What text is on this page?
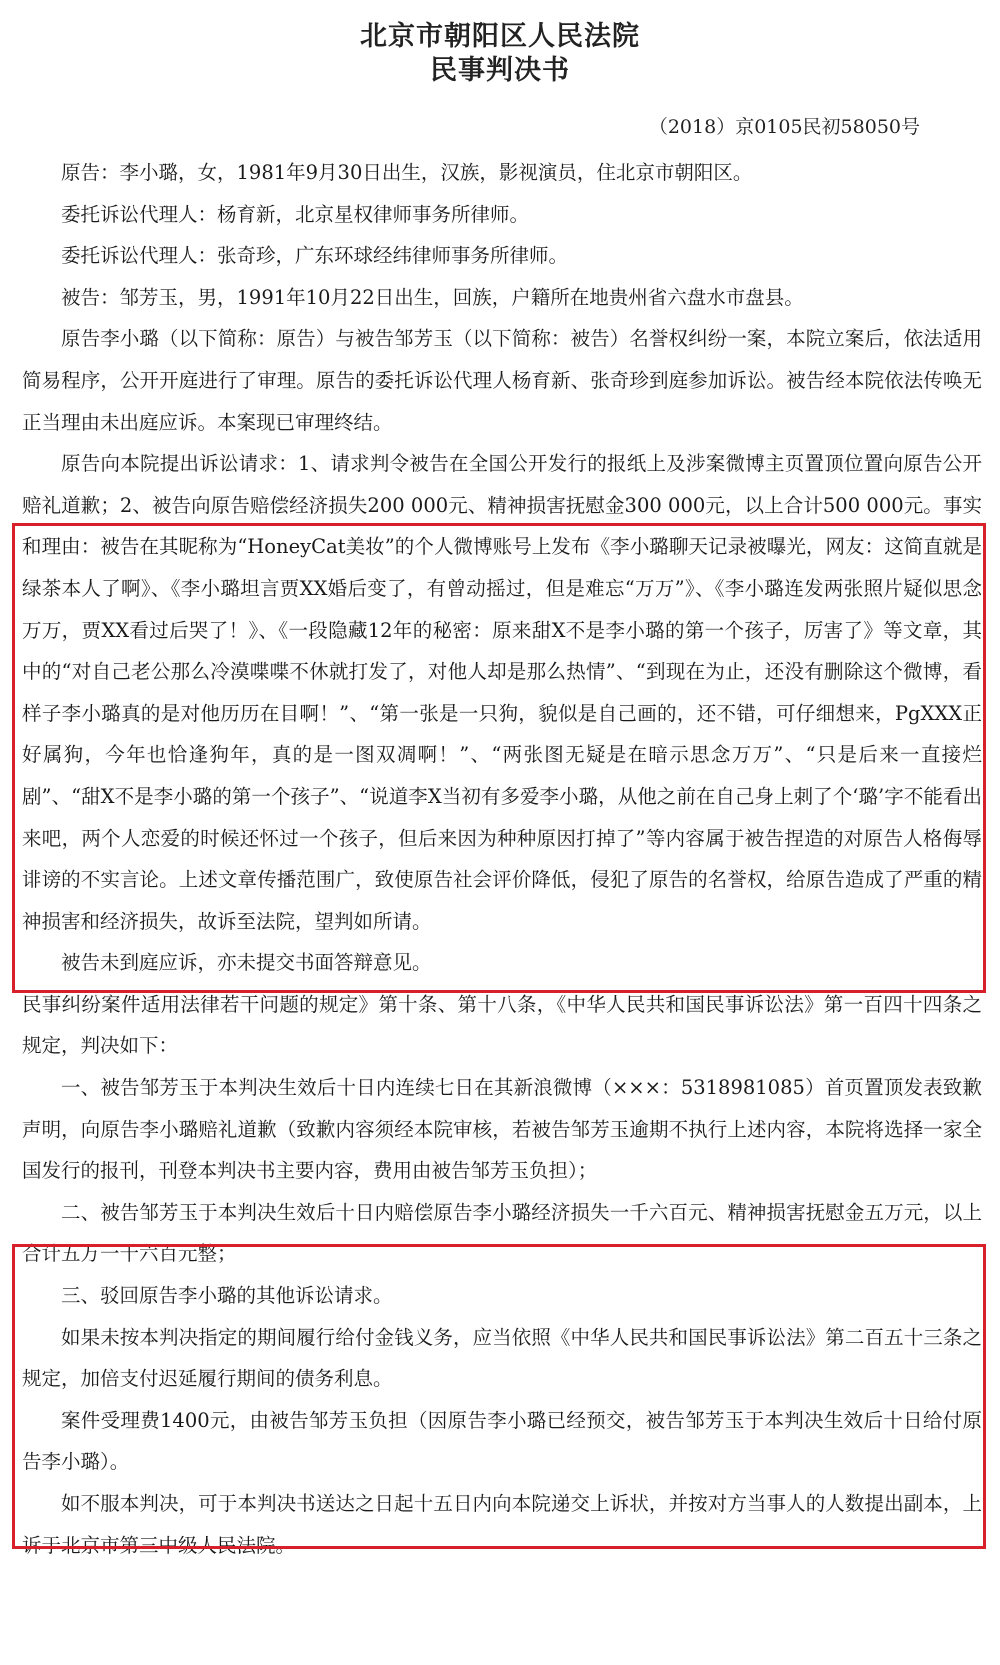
北京市朝阳区人民法院
民事判决书
（2018）京0105民初58050号

原告：李小璐，女，1981年9月30日出生，汉族，影视演员，住北京市朝阳区。

委托诉讼代理人：杨育新，北京星权律师事务所律师。

委托诉讼代理人：张奇珍，广东环球经纬律师事务所律师。

被告：邹芳玉，男，1991年10月22日出生，回族，户籍所在地贵州省六盘水市盘县。

原告李小璐（以下简称：原告）与被告邹芳玉（以下简称：被告）名誉权纠纷一案，本院立案后，依法适用简易程序，公开开庭进行了审理。原告的委托诉讼代理人杨育新、张奇珍到庭参加诉讼。被告经本院依法传唤无正当理由未出庭应诉。本案现已审理终结。

原告向本院提出诉讼请求：1、请求判令被告在全国公开发行的报纸上及涉案微博主页置顶位置向原告公开赔礼道歉；2、被告向原告赔偿经济损失200 000元、精神损害抚慰金300 000元，以上合计500 000元。事实和理由：被告在其昵称为“HoneyCat美妆”的个人微博账号上发布《李小璐聊天记录被曝光，网友：这简直就是绿茶本人了啊》、《李小璐坦言贾XX婚后变了，有曾动摇过，但是难忘“万万”》、《李小璐连发两张照片疑似思念万万，贾XX看过后哭了！》、《一段隐藏12年的秘密：原来甜X不是李小璐的第一个孩子，厉害了》等文章，其中的“对自己老公那么冷漠喋喋不休就打发了，对他人却是那么热情”、“到现在为止，还没有删除这个微博，看样子李小璐真的是对他历历在目啊！”、“第一张是一只狗，貌似是自己画的，还不错，可仔细想来，PgXXX正好属狗，今年也恰逢狗年，真的是一图双凋啊！”、“两张图无疑是在暗示思念万万”、“只是后来一直接烂剧”、“甜X不是李小璐的第一个孩子”、“说道李X当初有多爱李小璐，从他之前在自己身上刺了个‘璐’字不能看出来吧，两个人恋爱的时候还怀过一个孩子，但后来因为种种原因打掉了”等内容属于被告捏造的对原告人格侮辱诽谤的不实言论。上述文章传播范围广，致使原告社会评价降低，侵犯了原告的名誉权，给原告造成了严重的精神损害和经济损失，故诉至法院，望判如所请。

被告未到庭应诉，亦未提交书面答辩意见。

民事纠纷案件适用法律若干问题的规定》第十条、第十八条，《中华人民共和国民事诉讼法》第一百四十四条之规定，判决如下：

一、被告邹芳玉于本判决生效后十日内连续七日在其新浪微博（×××：5318981085）首页置顶发表致歉声明，向原告李小璐赔礼道歉（致歉内容须经本院审核，若被告邹芳玉逾期不执行上述内容，本院将选择一家全国发行的报刊，刊登本判决书主要内容，费用由被告邹芳玉负担）；

二、被告邹芳玉于本判决生效后十日内赔偿原告李小璐经济损失一千六百元、精神损害抚慰金五万元，以上合计五万一千六百元整；

三、驳回原告李小璐的其他诉讼请求。

如果未按本判决指定的期间履行给付金钱义务，应当依照《中华人民共和国民事诉讼法》第二百五十三条之规定，加倍支付迟延履行期间的债务利息。

案件受理费1400元，由被告邹芳玉负担（因原告李小璐已经预交，被告邹芳玉于本判决生效后十日给付原告李小璐）。

如不服本判决，可于本判决书送达之日起十五日内向本院递交上诉状，并按对方当事人的人数提出副本，上诉于北京市第三中级人民法院。
